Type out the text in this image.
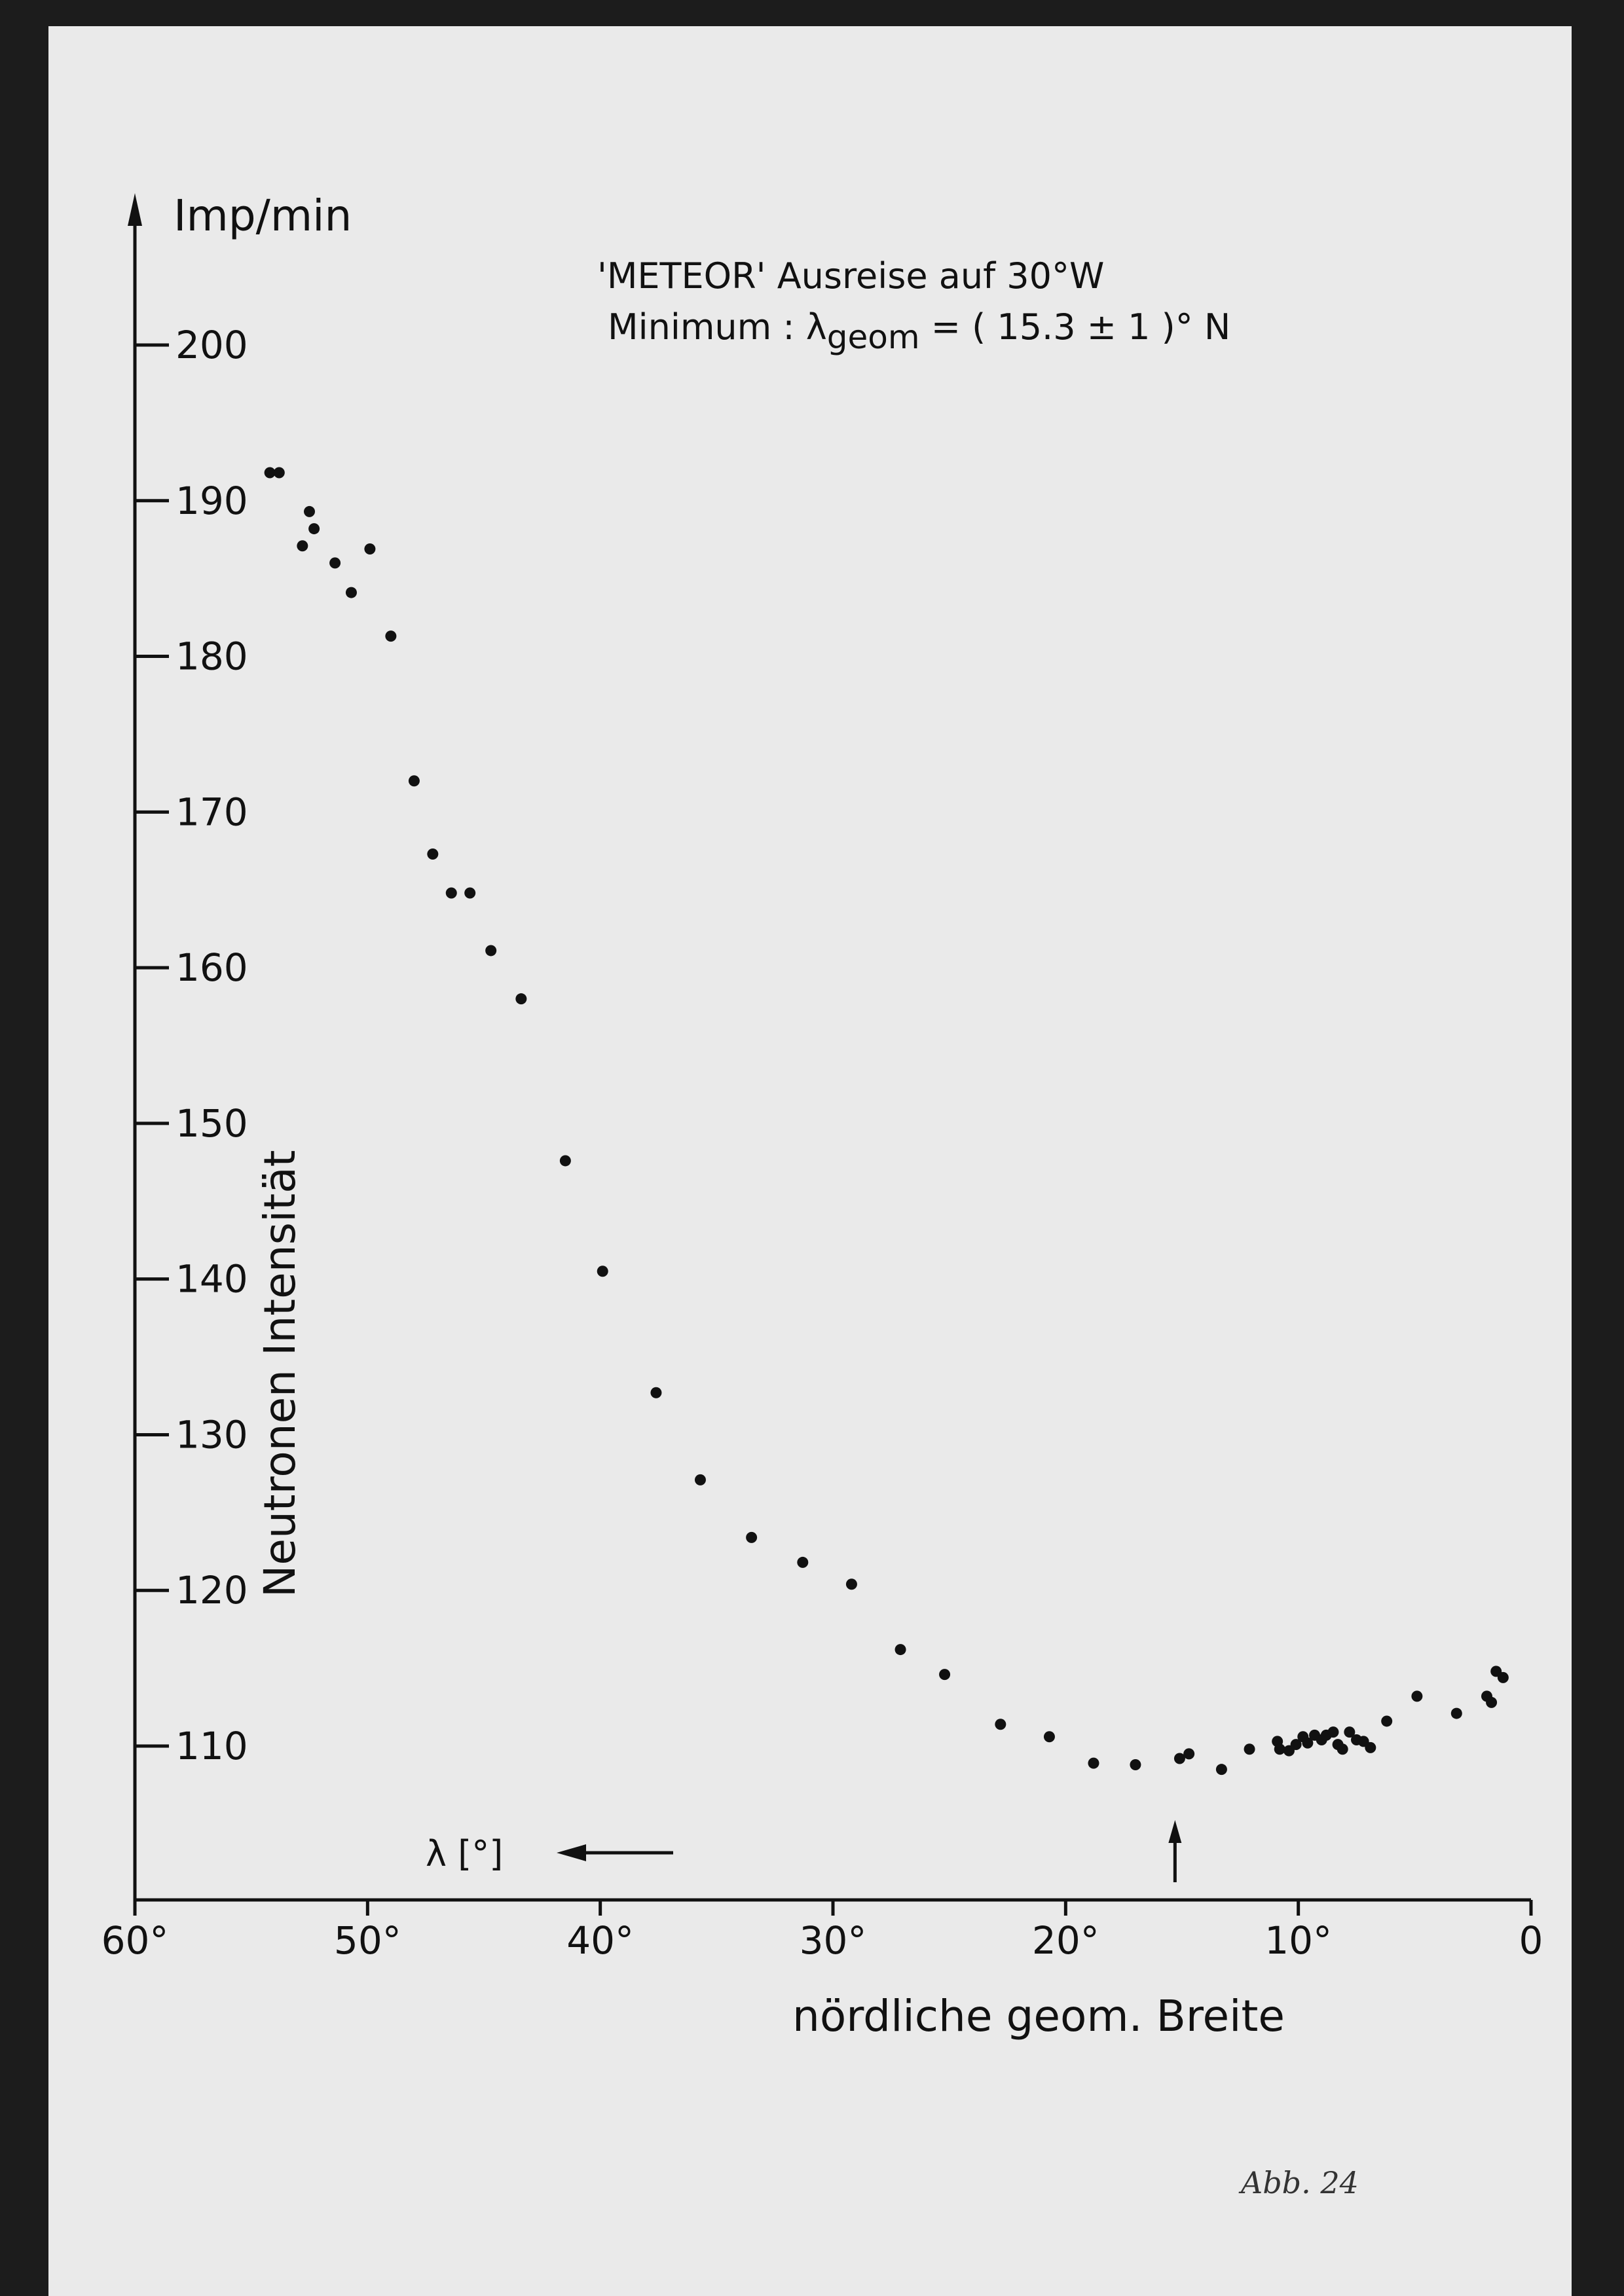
110
120
130
140
150
160
170
180
190
200
60°	50°	40°	30°	20°	10°	0
Imp/min
Neutronen Intensität
nördliche geom. Breite
'METEOR' Ausreise auf 30°W
Minimum : λgeom = ( 15.3 ± 1 )° N
λ [°]
Abb. 24
